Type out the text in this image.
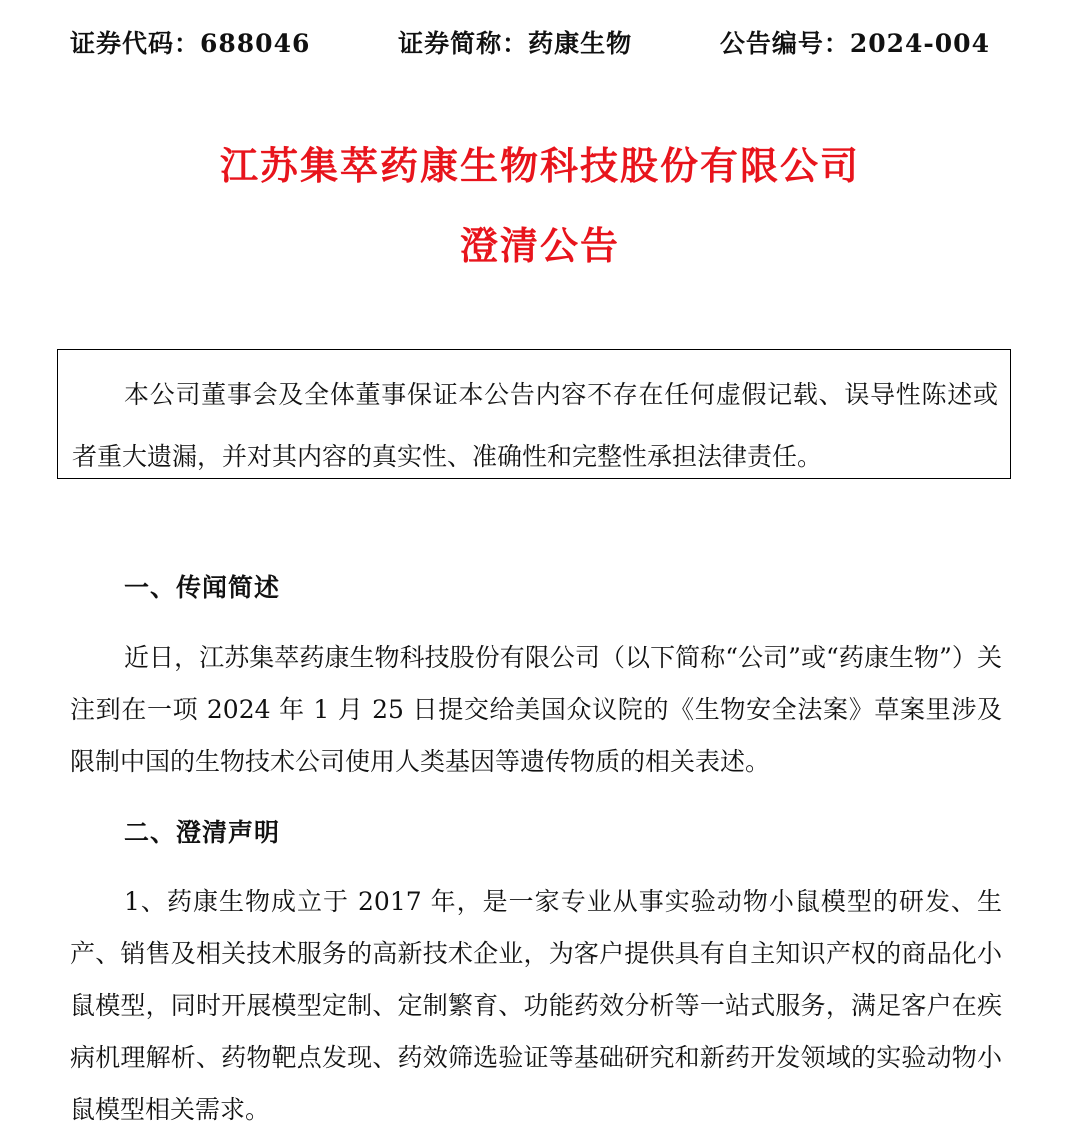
证券代码：688046	证券简称：药康生物	公告编号：2024-004
江苏集萃药康生物科技股份有限公司
澄清公告

本公司董事会及全体董事保证本公告内容不存在任何虚假记载、误导性陈述或者重大遗漏，并对其内容的真实性、准确性和完整性承担法律责任。

一、传闻简述

近日，江苏集萃药康生物科技股份有限公司（以下简称“公司”或“药康生物”）关注到在一项 2024 年 1 月 25 日提交给美国众议院的《生物安全法案》草案里涉及限制中国的生物技术公司使用人类基因等遗传物质的相关表述。

二、澄清声明

1、药康生物成立于 2017 年，是一家专业从事实验动物小鼠模型的研发、生产、销售及相关技术服务的高新技术企业，为客户提供具有自主知识产权的商品化小鼠模型，同时开展模型定制、定制繁育、功能药效分析等一站式服务，满足客户在疾病机理解析、药物靶点发现、药效筛选验证等基础研究和新药开发领域的实验动物小鼠模型相关需求。
